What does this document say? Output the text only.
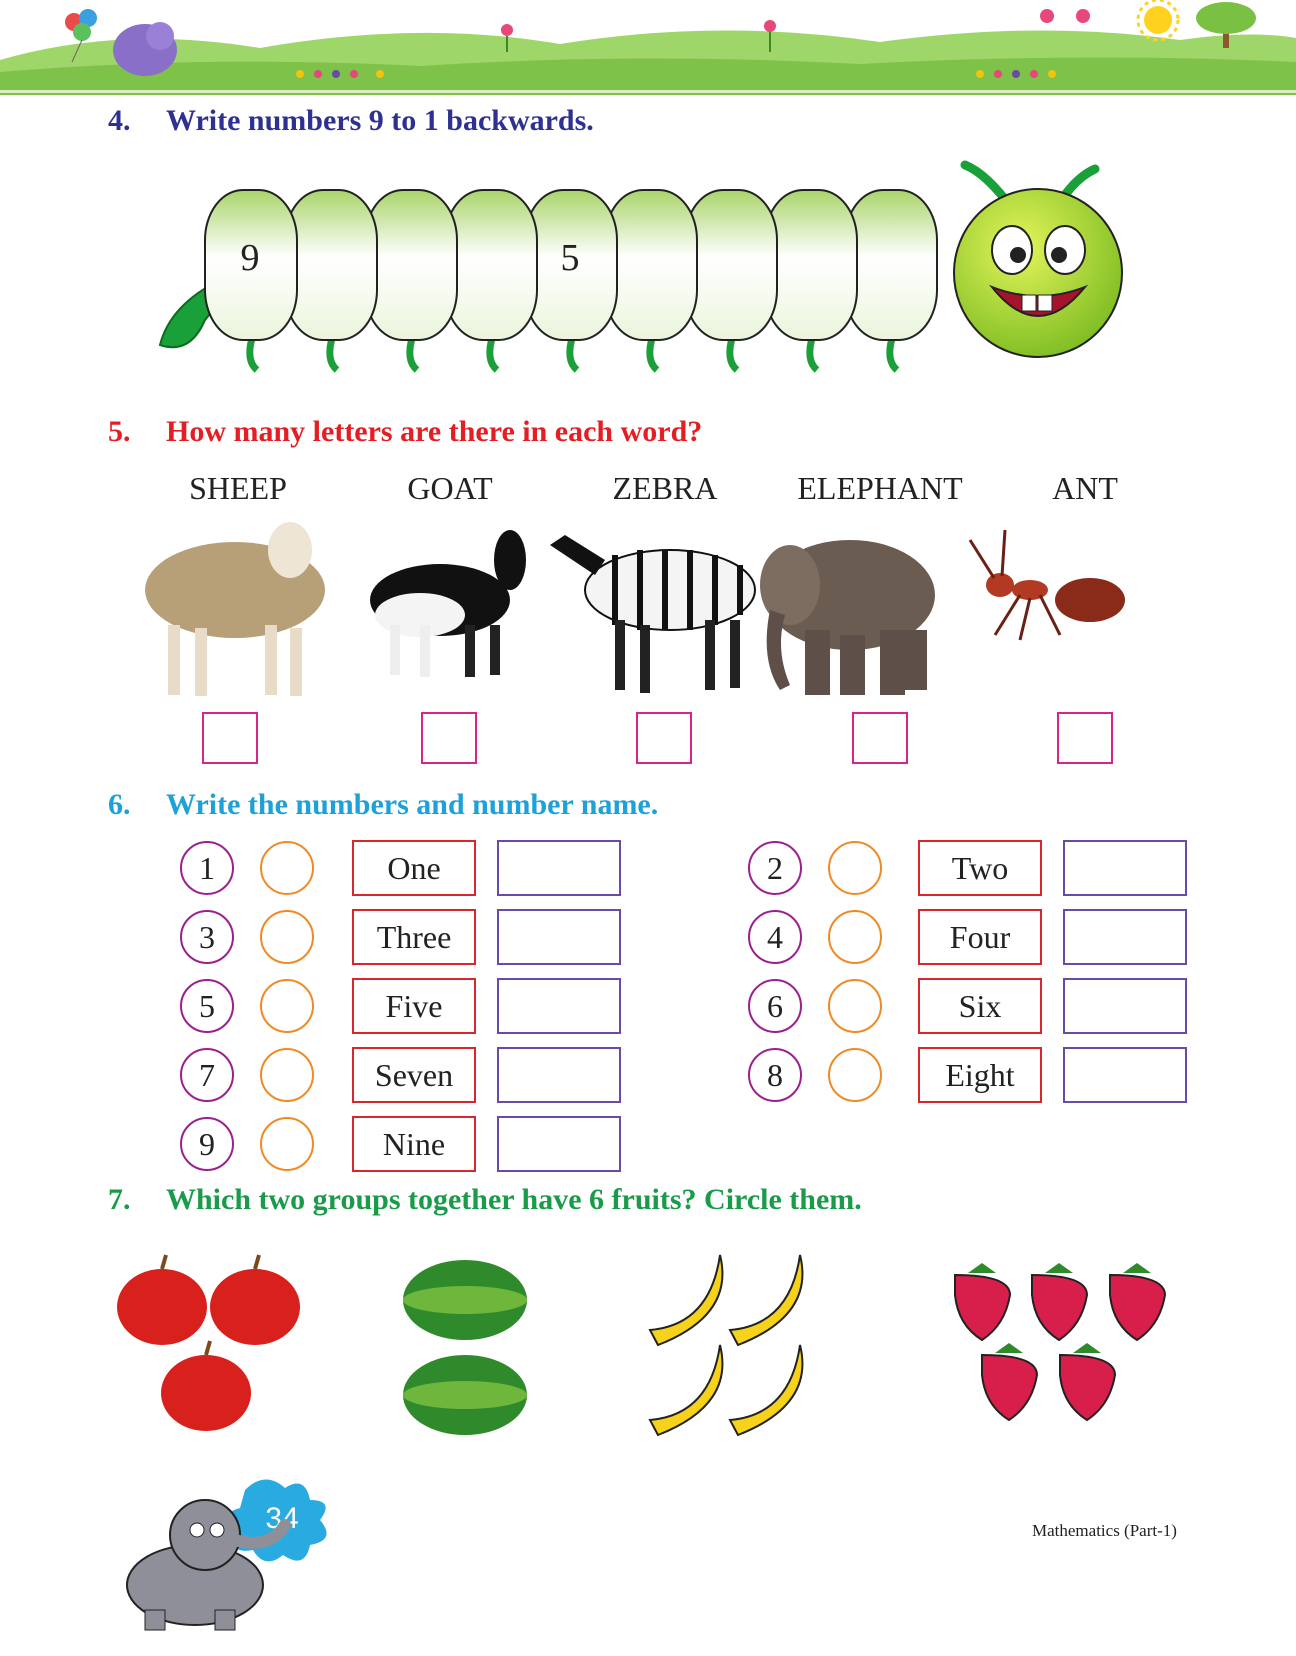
4. Write numbers 9 to 1 backwards.
5
9
5. How many letters are there in each word?
SHEEP	GOAT	ZEBRA	ELEPHANT	ANT
6. Write the numbers and number name.
1	One
3	Three
5	Five
7	Seven
9	Nine
2	Two
4	Four
6	Six
8	Eight
7. Which two groups together have 6 fruits? Circle them.
34	Mathematics (Part-1)
